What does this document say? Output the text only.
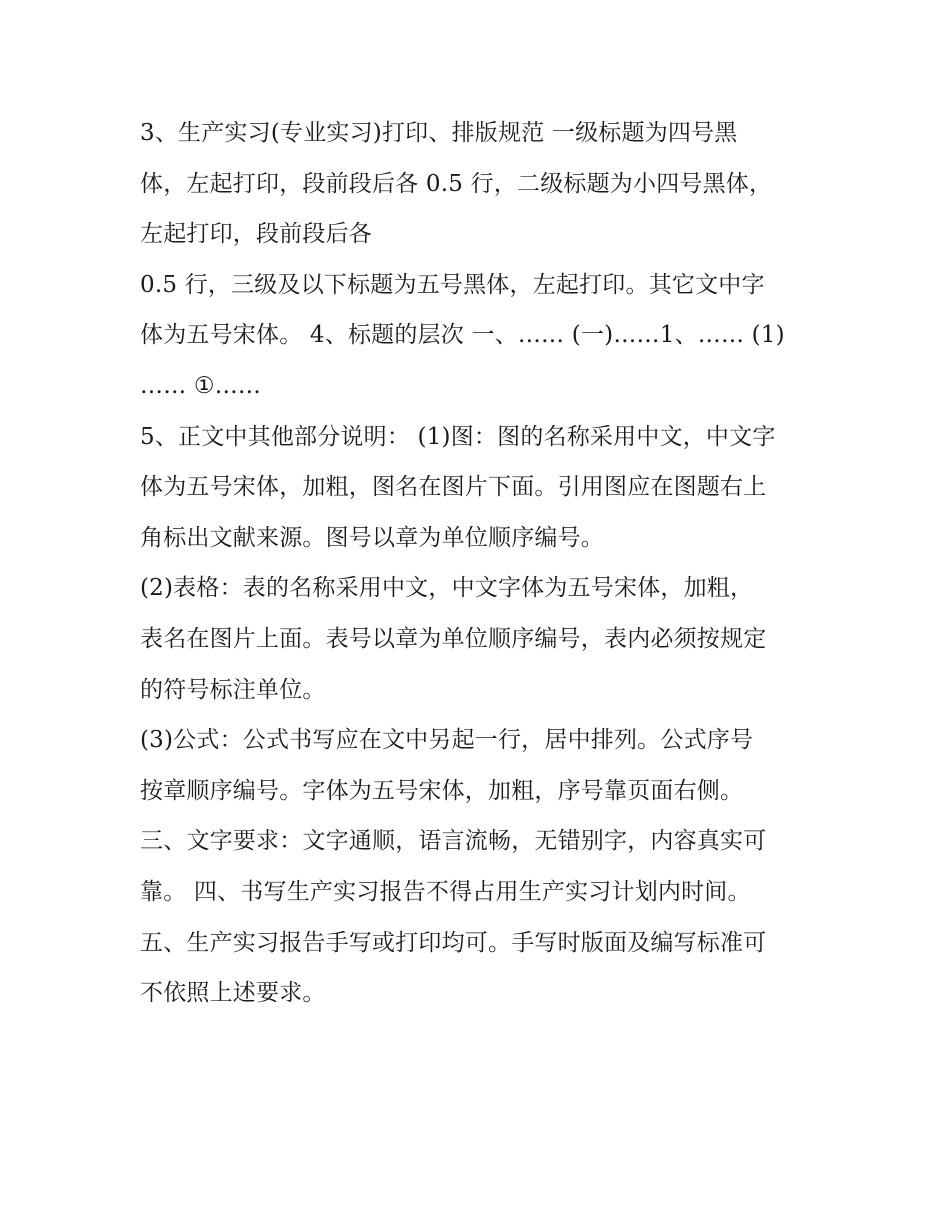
3、生产实习(专业实习)打印、排版规范 一级标题为四号黑
体，左起打印，段前段后各 0.5 行，二级标题为小四号黑体，
左起打印，段前段后各
0.5 行，三级及以下标题为五号黑体，左起打印。其它文中字
体为五号宋体。 4、标题的层次 一、…… (一)……1、…… (1)
…… ①……
5、正文中其他部分说明： (1)图：图的名称采用中文，中文字
体为五号宋体，加粗，图名在图片下面。引用图应在图题右上
角标出文献来源。图号以章为单位顺序编号。
(2)表格：表的名称采用中文，中文字体为五号宋体，加粗，
表名在图片上面。表号以章为单位顺序编号，表内必须按规定
的符号标注单位。
(3)公式：公式书写应在文中另起一行，居中排列。公式序号
按章顺序编号。字体为五号宋体，加粗，序号靠页面右侧。
三、文字要求：文字通顺，语言流畅，无错别字，内容真实可
靠。 四、书写生产实习报告不得占用生产实习计划内时间。
五、生产实习报告手写或打印均可。手写时版面及编写标准可
不依照上述要求。
